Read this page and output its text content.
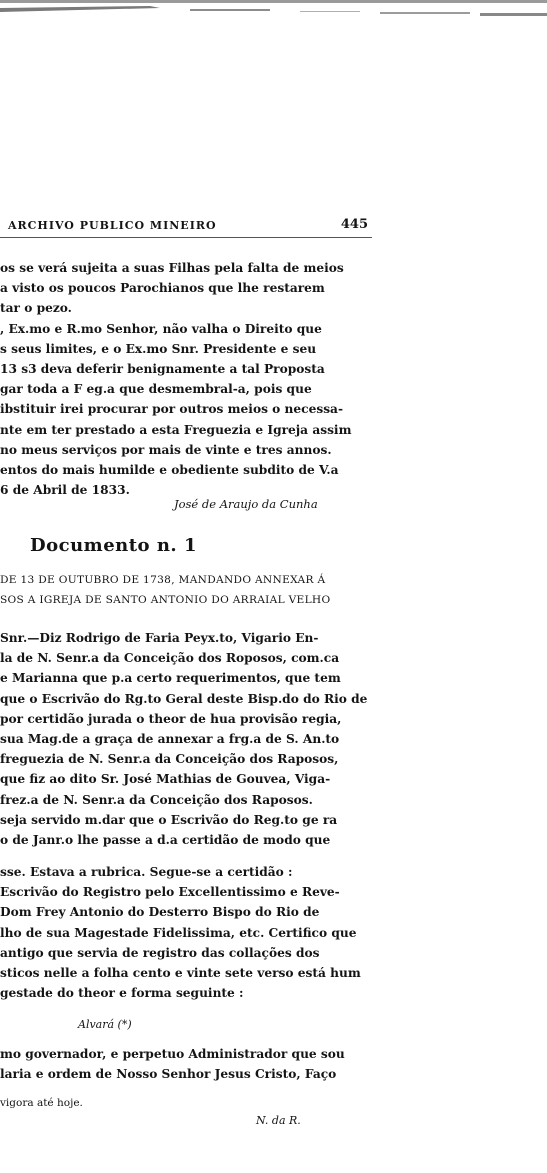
ARCHIVO PUBLICO MINEIRO	445
os se verá sujeita a suas Filhas pela falta de meios
a visto os poucos Parochianos que lhe restarem
tar o pezo.
, Ex.mo e R.mo Senhor, não valha o Direito que
s seus limites, e o Ex.mo Snr. Presidente e seu
13 s3 deva deferir benignamente a tal Proposta
gar toda a F eg.a que desmembral-a, pois que
ibstituir irei procurar por outros meios o necessa-
nte em ter prestado a esta Freguezia e Igreja assim
no meus serviços por mais de vinte e tres annos.
entos do mais humilde e obediente subdito de V.a
6 de Abril de 1833.
José de Araujo da Cunha
Documento n. 1
DE 13 DE OUTUBRO DE 1738, MANDANDO ANNEXAR Á
SOS A IGREJA DE SANTO ANTONIO DO ARRAIAL VELHO
Snr.—Diz Rodrigo de Faria Peyx.to, Vigario En-
la de N. Senr.a da Conceição dos Roposos, com.ca
e Marianna que p.a certo requerimentos, que tem
que o Escrivão do Rg.to Geral deste Bisp.do do Rio de
por certidão jurada o theor de hua provisão regia,
sua Mag.de a graça de annexar a frg.a de S. An.to
freguezia de N. Senr.a da Conceição dos Raposos,
que fiz ao dito Sr. José Mathias de Gouvea, Viga-
frez.a de N. Senr.a da Conceição dos Raposos.
seja servido m.dar que o Escrivão do Reg.to ge ra
o de Janr.o lhe passe a d.a certidão de modo que
sse. Estava a rubrica. Segue-se a certidão :
Escrivão do Registro pelo Excellentissimo e Reve-
Dom Frey Antonio do Desterro Bispo do Rio de
lho de sua Magestade Fidelissima, etc. Certifico que
antigo que servia de registro das collações dos
sticos nelle a folha cento e vinte sete verso está hum
gestade do theor e forma seguinte :
Alvará (*)
mo governador, e perpetuo Administrador que sou
laria e ordem de Nosso Senhor Jesus Cristo, Faço
vigora até hoje.
N. da R.
